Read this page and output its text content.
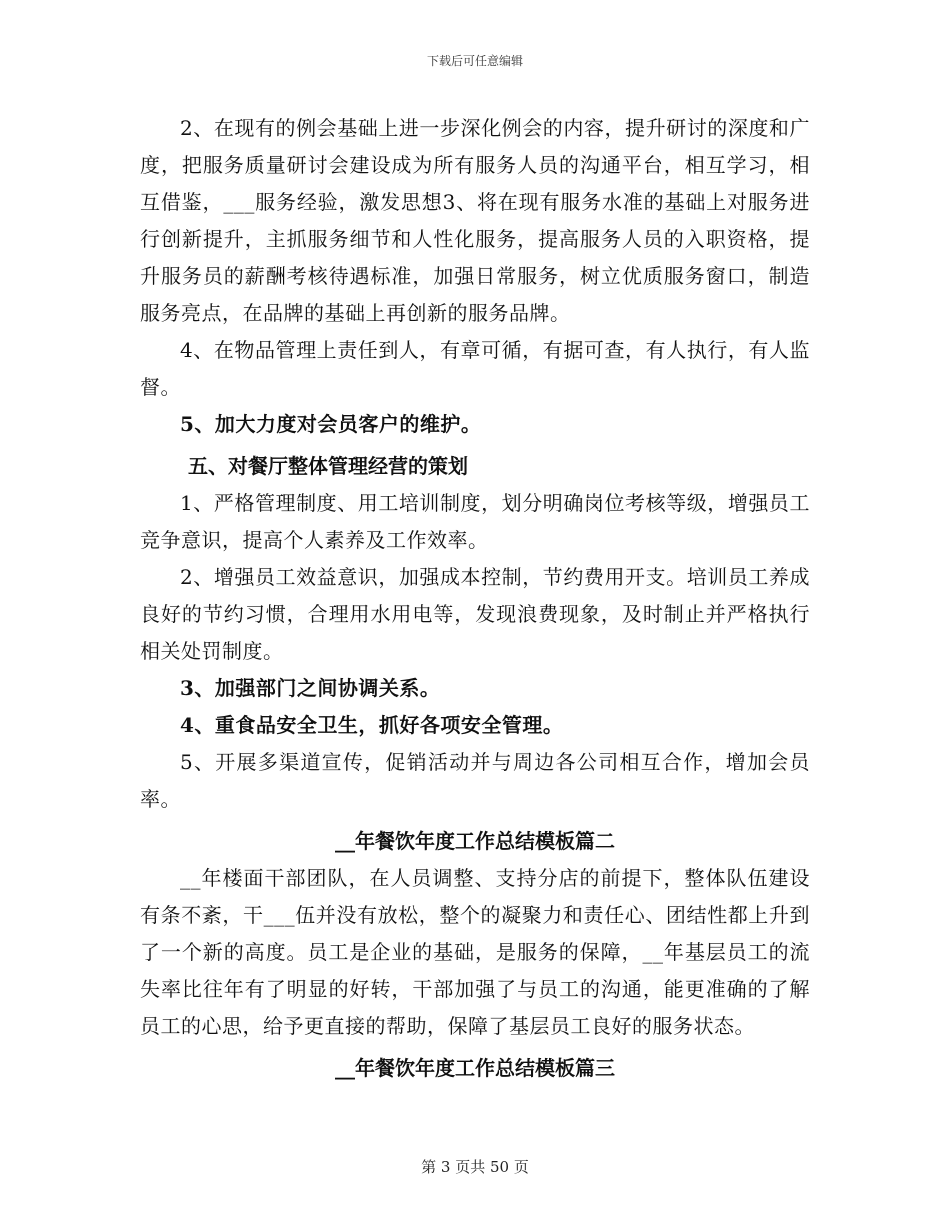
下载后可任意编辑

2、在现有的例会基础上进一步深化例会的内容，提升研讨的深度和广度，把服务质量研讨会建设成为所有服务人员的沟通平台，相互学习，相互借鉴，___服务经验，激发思想3、将在现有服务水准的基础上对服务进行创新提升，主抓服务细节和人性化服务，提高服务人员的入职资格，提升服务员的薪酬考核待遇标准，加强日常服务，树立优质服务窗口，制造服务亮点，在品牌的基础上再创新的服务品牌。

4、在物品管理上责任到人，有章可循，有据可查，有人执行，有人监督。

5、加大力度对会员客户的维护。

五、对餐厅整体管理经营的策划

1、严格管理制度、用工培训制度，划分明确岗位考核等级，增强员工竞争意识，提高个人素养及工作效率。

2、增强员工效益意识，加强成本控制，节约费用开支。培训员工养成良好的节约习惯，合理用水用电等，发现浪费现象，及时制止并严格执行相关处罚制度。

3、加强部门之间协调关系。

4、重食品安全卫生，抓好各项安全管理。

5、开展多渠道宣传，促销活动并与周边各公司相互合作，增加会员率。

__年餐饮年度工作总结模板篇二

__年楼面干部团队，在人员调整、支持分店的前提下，整体队伍建设有条不紊，干___伍并没有放松，整个的凝聚力和责任心、团结性都上升到了一个新的高度。员工是企业的基础，是服务的保障，__年基层员工的流失率比往年有了明显的好转，干部加强了与员工的沟通，能更准确的了解员工的心思，给予更直接的帮助，保障了基层员工良好的服务状态。

__年餐饮年度工作总结模板篇三

第 3 页共 50 页
